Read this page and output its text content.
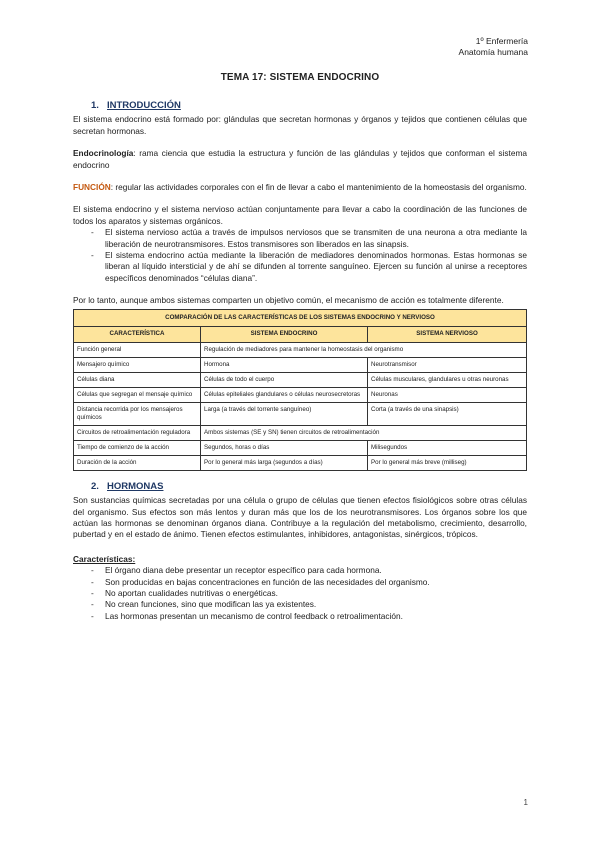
1º Enfermería
Anatomía humana
TEMA 17: SISTEMA ENDOCRINO
1. INTRODUCCIÓN

El sistema endocrino está formado por: glándulas que secretan hormonas y órganos y tejidos que contienen células que secretan hormonas.

Endocrinología: rama ciencia que estudia la estructura y función de las glándulas y tejidos que conforman el sistema endocrino

FUNCIÓN: regular las actividades corporales con el fin de llevar a cabo el mantenimiento de la homeostasis del organismo.

El sistema endocrino y el sistema nervioso actúan conjuntamente para llevar a cabo la coordinación de las funciones de todos los aparatos y sistemas orgánicos.

- El sistema nervioso actúa a través de impulsos nerviosos que se transmiten de una neurona a otra mediante la liberación de neurotransmisores. Estos transmisores son liberados en las sinapsis.
- El sistema endocrino actúa mediante la liberación de mediadores denominados hormonas. Estas hormonas se liberan al líquido intersticial y de ahí se difunden al torrente sanguíneo. Ejercen su función al unirse a receptores específicos denominados “células diana”.

Por lo tanto, aunque ambos sistemas comparten un objetivo común, el mecanismo de acción es totalmente diferente.

COMPARACIÓN DE LAS CARACTERÍSTICAS DE LOS SISTEMAS ENDOCRINO Y NERVIOSO		
CARACTERÍSTICA	SISTEMA ENDOCRINO	SISTEMA NERVIOSO
Función general	Regulación de mediadores para mantener la homeostasis del organismo	
Mensajero químico	Hormona	Neurotransmisor
Células diana	Células de todo el cuerpo	Células musculares, glandulares u otras neuronas
Células que segregan el mensaje químico	Células epiteliales glandulares o células neurosecretoras	Neuronas
Distancia recorrida por los mensajeros químicos	Larga (a través del torrente sanguíneo)	Corta (a través de una sinapsis)
Circuitos de retroalimentación reguladora	Ambos sistemas (SE y SN) tienen circuitos de retroalimentación	
Tiempo de comienzo de la acción	Segundos, horas o días	Milisegundos
Duración de la acción	Por lo general más larga (segundos a días)	Por lo general más breve (milliseg)
2. HORMONAS

Son sustancias químicas secretadas por una célula o grupo de células que tienen efectos fisiológicos sobre otras células del organismo. Sus efectos son más lentos y duran más que los de los neurotransmisores. Los órganos sobre los que actúan las hormonas se denominan órganos diana. Contribuye a la regulación del metabolismo, crecimiento, desarrollo, pubertad y en el estado de ánimo. Tienen efectos estimulantes, inhibidores, antagonistas, sinérgicos, trópicos.

Características:
- El órgano diana debe presentar un receptor específico para cada hormona.
- Son producidas en bajas concentraciones en función de las necesidades del organismo.
- No aportan cualidades nutritivas o energéticas.
- No crean funciones, sino que modifican las ya existentes.
- Las hormonas presentan un mecanismo de control feedback o retroalimentación.
1
